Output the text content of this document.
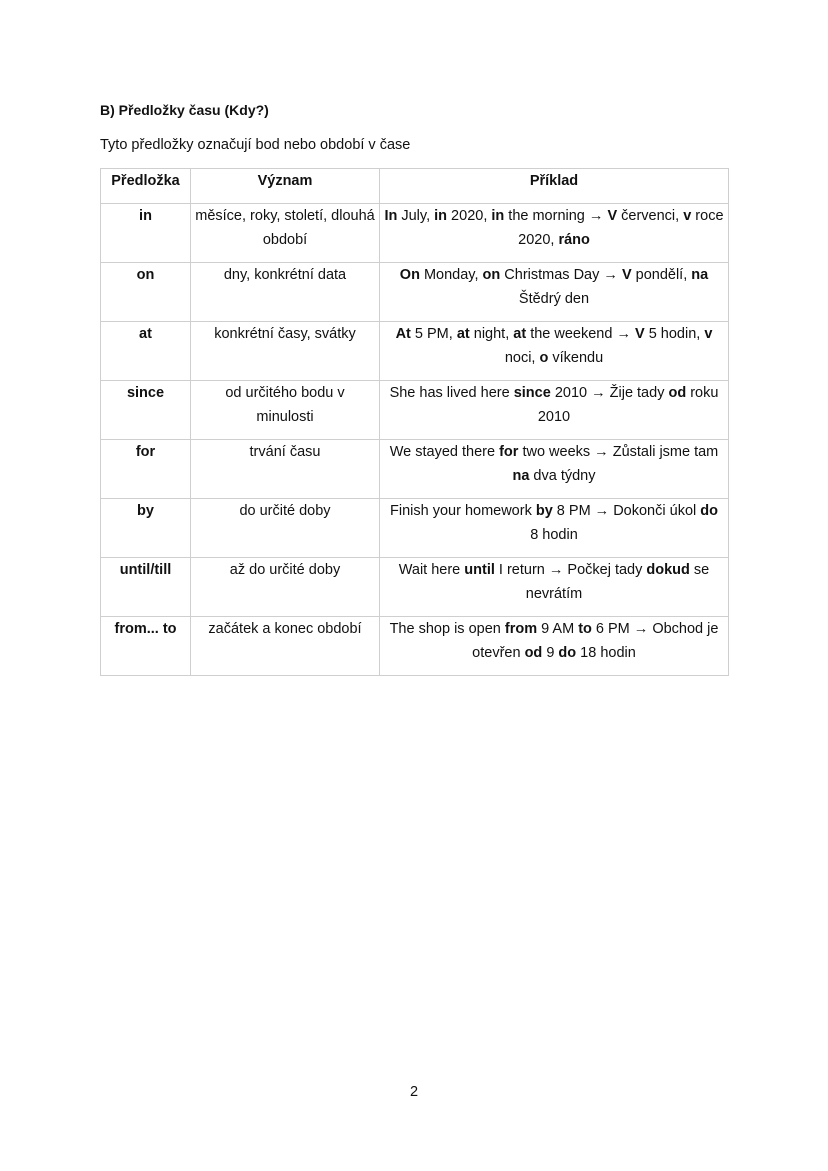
B) Předložky času (Kdy?)

Tyto předložky označují bod nebo období v čase

Předložka	Význam	Příklad
in	měsíce, roky, století, dlouhá období	In July, in 2020, in the morning → V červenci, v roce 2020, ráno
on	dny, konkrétní data	On Monday, on Christmas Day → V pondělí, na Štědrý den
at	konkrétní časy, svátky	At 5 PM, at night, at the weekend → V 5 hodin, v noci, o víkendu
since	od určitého bodu v minulosti	She has lived here since 2010 → Žije tady od roku 2010
for	trvání času	We stayed there for two weeks → Zůstali jsme tam na dva týdny
by	do určité doby	Finish your homework by 8 PM → Dokonči úkol do 8 hodin
until/till	až do určité doby	Wait here until I return → Počkej tady dokud se nevrátím
from... to	začátek a konec období	The shop is open from 9 AM to 6 PM → Obchod je otevřen od 9 do 18 hodin
2
